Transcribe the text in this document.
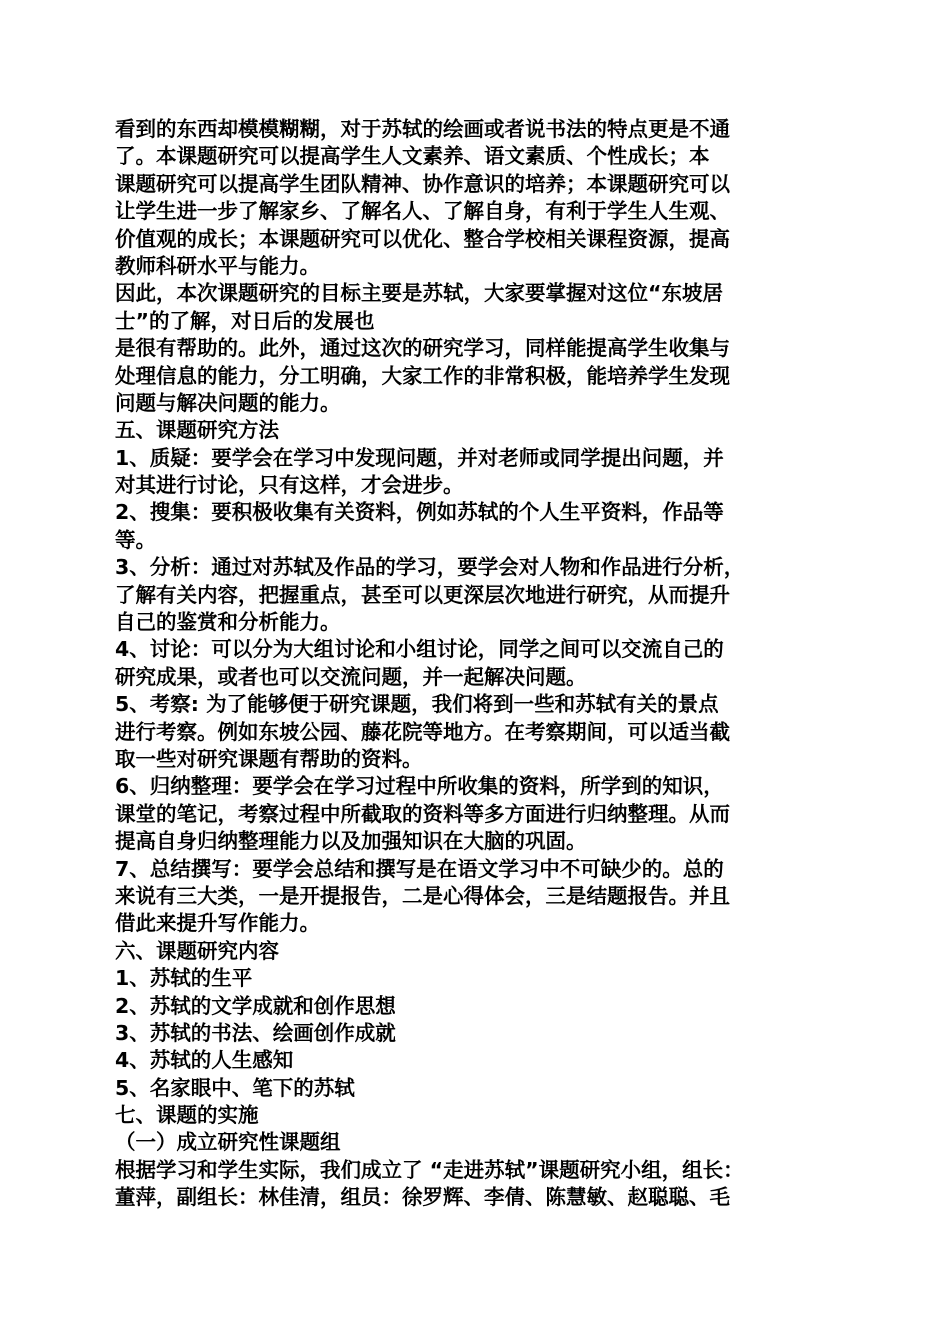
看到的东西却模模糊糊，对于苏轼的绘画或者说书法的特点更是不通
了。本课题研究可以提高学生人文素养、语文素质、个性成长；本
课题研究可以提高学生团队精神、协作意识的培养；本课题研究可以
让学生进一步了解家乡、了解名人、了解自身，有利于学生人生观、
价值观的成长；本课题研究可以优化、整合学校相关课程资源，提高
教师科研水平与能力。
因此，本次课题研究的目标主要是苏轼，大家要掌握对这位“东坡居
士”的了解，对日后的发展也
是很有帮助的。此外，通过这次的研究学习，同样能提高学生收集与
处理信息的能力，分工明确，大家工作的非常积极，能培养学生发现
问题与解决问题的能力。
五、课题研究方法
1、质疑：要学会在学习中发现问题，并对老师或同学提出问题，并
对其进行讨论，只有这样，才会进步。
2、搜集：要积极收集有关资料，例如苏轼的个人生平资料，作品等
等。
3、分析：通过对苏轼及作品的学习，要学会对人物和作品进行分析，
了解有关内容，把握重点，甚至可以更深层次地进行研究，从而提升
自己的鉴赏和分析能力。
4、讨论：可以分为大组讨论和小组讨论，同学之间可以交流自己的
研究成果，或者也可以交流问题，并一起解决问题。
5、考察: 为了能够便于研究课题，我们将到一些和苏轼有关的景点
进行考察。例如东坡公园、藤花院等地方。在考察期间，可以适当截
取一些对研究课题有帮助的资料。
6、归纳整理：要学会在学习过程中所收集的资料，所学到的知识，
课堂的笔记，考察过程中所截取的资料等多方面进行归纳整理。从而
提高自身归纳整理能力以及加强知识在大脑的巩固。
7、总结撰写：要学会总结和撰写是在语文学习中不可缺少的。总的
来说有三大类，一是开提报告，二是心得体会，三是结题报告。并且
借此来提升写作能力。
六、课题研究内容
1、苏轼的生平
2、苏轼的文学成就和创作思想
3、苏轼的书法、绘画创作成就
4、苏轼的人生感知
5、名家眼中、笔下的苏轼
七、课题的实施
（一）成立研究性课题组
根据学习和学生实际，我们成立了 “走进苏轼”课题研究小组，组长：
董萍，副组长：林佳清，组员：徐罗辉、李倩、陈慧敏、赵聪聪、毛
